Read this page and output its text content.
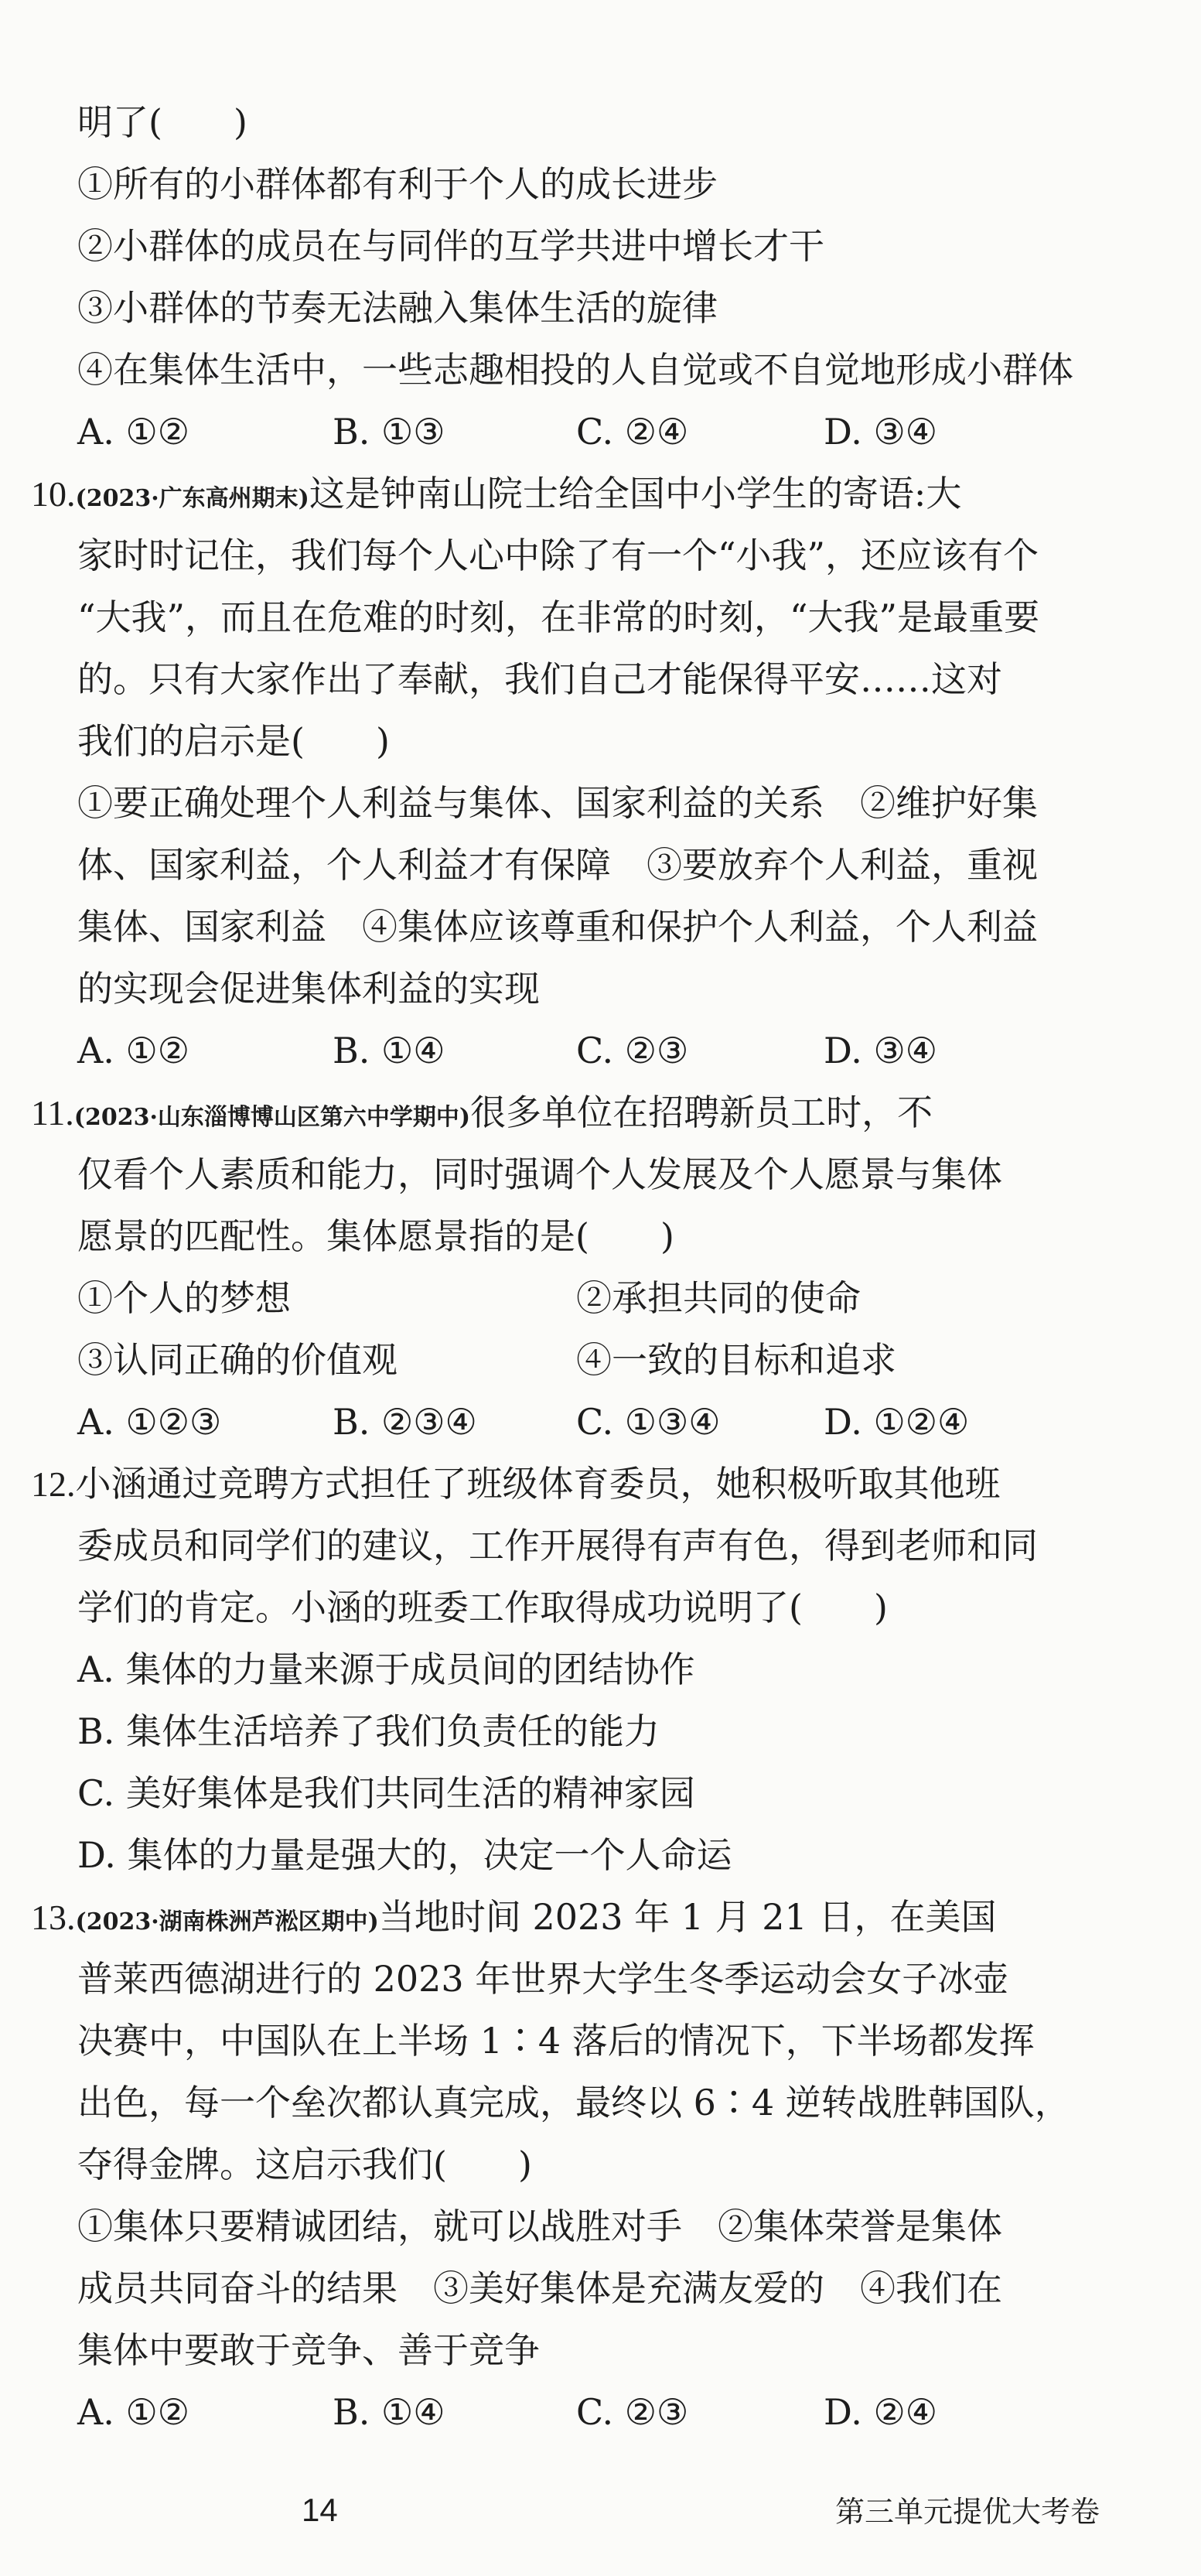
明了(　　)
①所有的小群体都有利于个人的成长进步
②小群体的成员在与同伴的互学共进中增长才干
③小群体的节奏无法融入集体生活的旋律
④在集体生活中，一些志趣相投的人自觉或不自觉地形成小群体
A. ①②	B. ①③	C. ②④	D. ③④
10.(2023·广东高州期末)这是钟南山院士给全国中小学生的寄语:大
家时时记住，我们每个人心中除了有一个“小我”，还应该有个
“大我”，而且在危难的时刻，在非常的时刻，“大我”是最重要
的。只有大家作出了奉献，我们自己才能保得平安……这对
我们的启示是(　　)
①要正确处理个人利益与集体、国家利益的关系　②维护好集
体、国家利益，个人利益才有保障　③要放弃个人利益，重视
集体、国家利益　④集体应该尊重和保护个人利益，个人利益
的实现会促进集体利益的实现
A. ①②	B. ①④	C. ②③	D. ③④
11.(2023·山东淄博博山区第六中学期中)很多单位在招聘新员工时，不
仅看个人素质和能力，同时强调个人发展及个人愿景与集体
愿景的匹配性。集体愿景指的是(　　)
①个人的梦想	②承担共同的使命
③认同正确的价值观	④一致的目标和追求
A. ①②③	B. ②③④	C. ①③④	D. ①②④
12.小涵通过竞聘方式担任了班级体育委员，她积极听取其他班
委成员和同学们的建议，工作开展得有声有色，得到老师和同
学们的肯定。小涵的班委工作取得成功说明了(　　)
A. 集体的力量来源于成员间的团结协作
B. 集体生活培养了我们负责任的能力
C. 美好集体是我们共同生活的精神家园
D. 集体的力量是强大的，决定一个人命运
13.(2023·湖南株洲芦淞区期中)当地时间 2023 年 1 月 21 日，在美国
普莱西德湖进行的 2023 年世界大学生冬季运动会女子冰壶
决赛中，中国队在上半场 1∶4 落后的情况下，下半场都发挥
出色，每一个垒次都认真完成，最终以 6∶4 逆转战胜韩国队，
夺得金牌。这启示我们(　　)
①集体只要精诚团结，就可以战胜对手　②集体荣誉是集体
成员共同奋斗的结果　③美好集体是充满友爱的　④我们在
集体中要敢于竞争、善于竞争
A. ①②	B. ①④	C. ②③	D. ②④
14	第三单元提优大考卷
